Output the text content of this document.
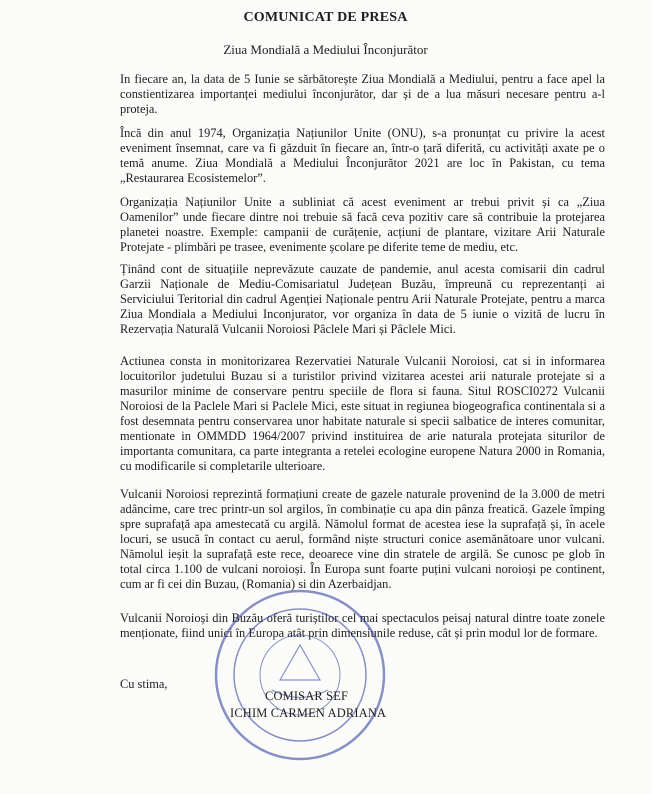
COMUNICAT DE PRESA
Ziua Mondială a Mediului Înconjurător
In fiecare an, la data de 5 Iunie se sărbătorește Ziua Mondială a Mediului, pentru a face apel la constientizarea importanței mediului înconjurător, dar și de a lua măsuri necesare pentru a-l proteja.
Încă din anul 1974, Organizația Națiunilor Unite (ONU), s-a pronunțat cu privire la acest eveniment însemnat, care va fi găzduit în fiecare an, într-o țară diferită, cu activități axate pe o temă anume. Ziua Mondială a Mediului Înconjurător 2021 are loc în Pakistan, cu tema „Restaurarea Ecosistemelor”.
Organizația Națiunilor Unite a subliniat că acest eveniment ar trebui privit și ca „Ziua Oamenilor” unde fiecare dintre noi trebuie să facă ceva pozitiv care să contribuie la protejarea planetei noastre. Exemple: campanii de curățenie, acțiuni de plantare, vizitare Arii Naturale Protejate - plimbări pe trasee, evenimente școlare pe diferite teme de mediu, etc.
Ținând cont de situațiile neprevăzute cauzate de pandemie, anul acesta comisarii din cadrul Garzii Naționale de Mediu-Comisariatul Județean Buzău, împreună cu reprezentanți ai Serviciului Teritorial din cadrul Agenției Naționale pentru Arii Naturale Protejate, pentru a marca Ziua Mondiala a Mediului Inconjurator, vor organiza în data de 5 iunie o vizită de lucru în Rezervația Naturală Vulcanii Noroiosi Pâclele Mari și Pâclele Mici.
Actiunea consta in monitorizarea Rezervatiei Naturale Vulcanii Noroiosi, cat si in informarea locuitorilor judetului Buzau si a turistilor privind vizitarea acestei arii naturale protejate si a masurilor minime de conservare pentru speciile de flora si fauna. Situl ROSCI0272 Vulcanii Noroiosi de la Paclele Mari si Paclele Mici, este situat in regiunea biogeografica continentala si a fost desemnata pentru conservarea unor habitate naturale si specii salbatice de interes comunitar, mentionate in OMMDD 1964/2007 privind instituirea de arie naturala protejata siturilor de importanta comunitara, ca parte integranta a retelei ecologine europene Natura 2000 in Romania, cu modificarile si completarile ulterioare.
Vulcanii Noroiosi reprezintă formațiuni create de gazele naturale provenind de la 3.000 de metri adâncime, care trec printr-un sol argilos, în combinație cu apa din pânza freatică. Gazele împing spre suprafață apa amestecată cu argilă. Nămolul format de acestea iese la suprafață și, în acele locuri, se usucă în contact cu aerul, formând niște structuri conice asemănătoare unor vulcani. Nămolul ieșit la suprafață este rece, deoarece vine din stratele de argilă. Se cunosc pe glob în total circa 1.100 de vulcani noroioși. În Europa sunt foarte puțini vulcani noroioși pe continent, cum ar fi cei din Buzau, (Romania) si din Azerbaidjan.
Vulcanii Noroioși din Buzău oferă turiștilor cel mai spectaculos peisaj natural dintre toate zonele menționate, fiind unici în Europa atât prin dimensiunile reduse, cât și prin modul lor de formare.
Cu stima,
COMISAR SEF
ICHIM CARMEN ADRIANA
